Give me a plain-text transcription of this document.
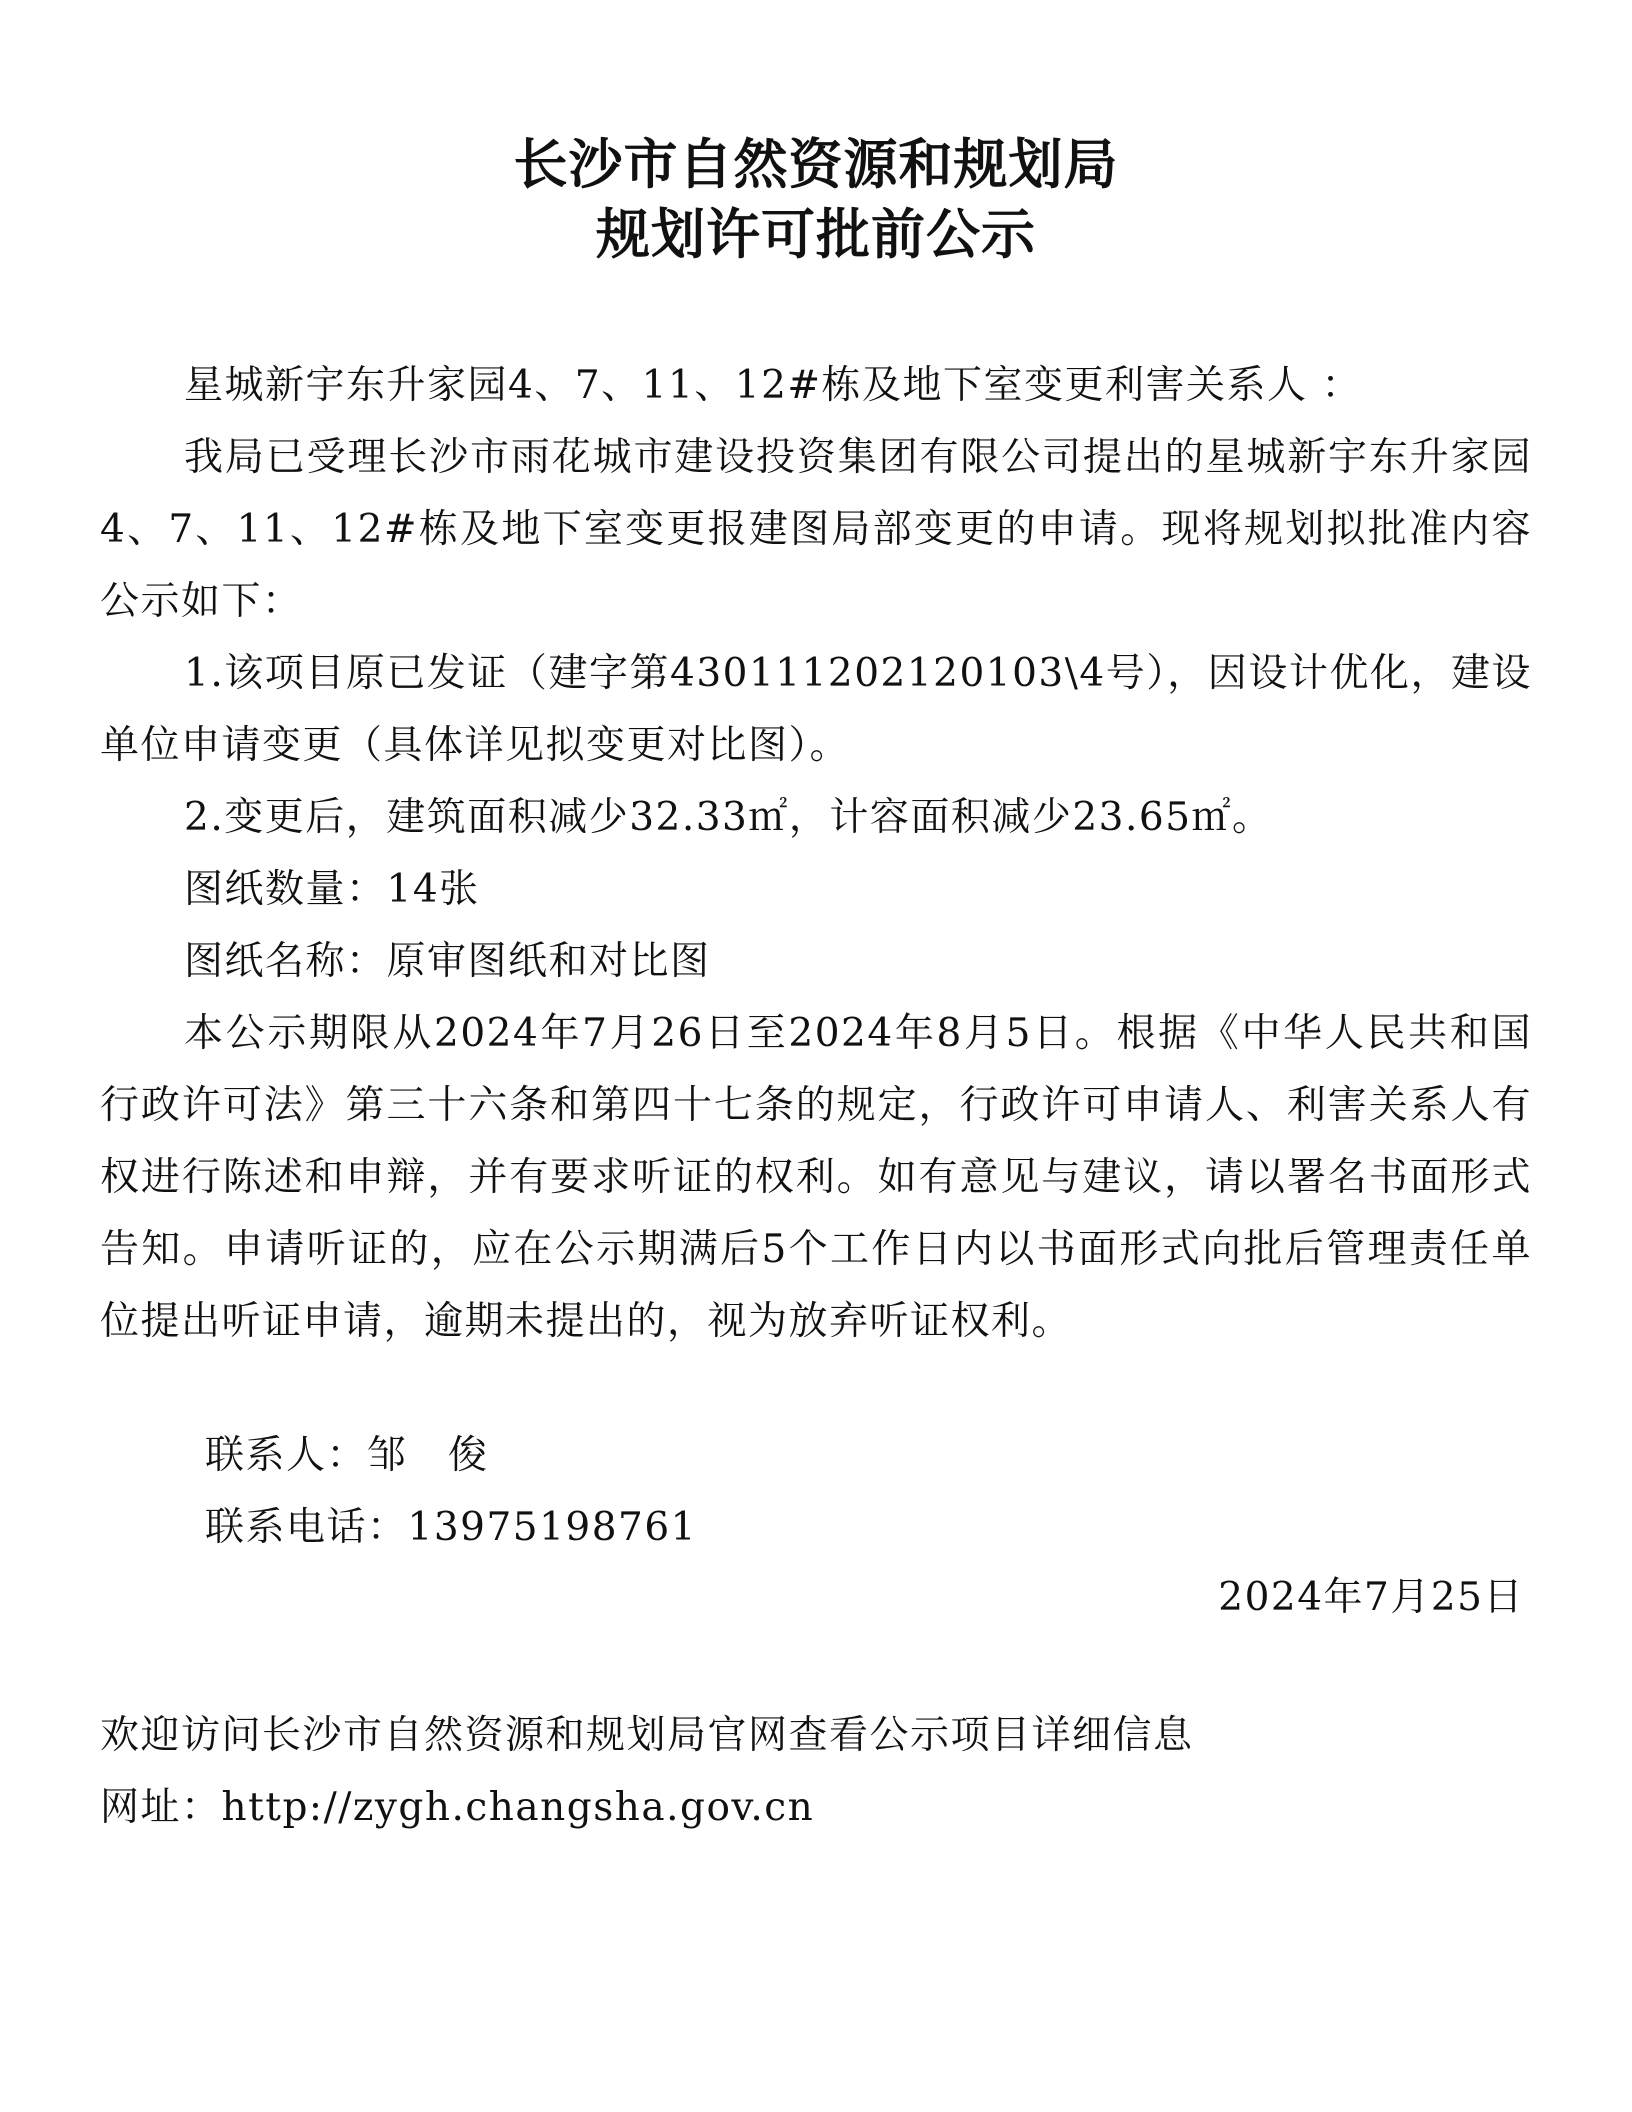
长沙市自然资源和规划局
规划许可批前公示

星城新宇东升家园4、7、11、12#栋及地下室变更利害关系人 ：

我局已受理长沙市雨花城市建设投资集团有限公司提出的星城新宇东升家园4、7、11、12#栋及地下室变更报建图局部变更的申请。现将规划拟批准内容公示如下：

1.该项目原已发证（建字第430111202120103\4号），因设计优化，建设单位申请变更（具体详见拟变更对比图）。

2.变更后，建筑面积减少32.33㎡，计容面积减少23.65㎡。

图纸数量：14张

图纸名称：原审图纸和对比图

本公示期限从2024年7月26日至2024年8月5日。根据《中华人民共和国行政许可法》第三十六条和第四十七条的规定，行政许可申请人、利害关系人有权进行陈述和申辩，并有要求听证的权利。如有意见与建议，请以署名书面形式告知。申请听证的，应在公示期满后5个工作日内以书面形式向批后管理责任单位提出听证申请，逾期未提出的，视为放弃听证权利。

联系人：邹　俊
联系电话：13975198761
2024年7月25日
欢迎访问长沙市自然资源和规划局官网查看公示项目详细信息
网址：http://zygh.changsha.gov.cn
